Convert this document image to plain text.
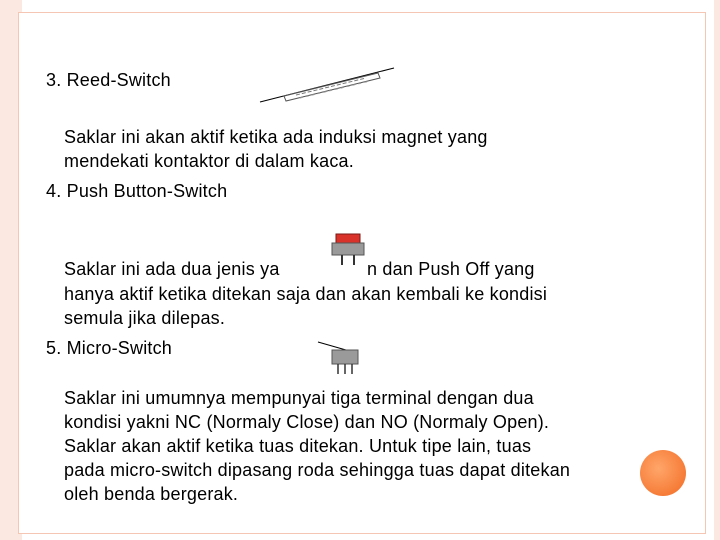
3. Reed-Switch
Saklar ini akan aktif ketika ada induksi magnet yang
mendekati kontaktor di dalam kaca.
4. Push Button-Switch
Saklar ini ada dua jenis ya	n dan Push Off yang
hanya aktif ketika ditekan saja dan akan kembali ke kondisi
semula jika dilepas.
5. Micro-Switch
Saklar ini umumnya mempunyai tiga terminal dengan dua
kondisi yakni NC (Normaly Close) dan NO (Normaly Open).
Saklar akan aktif ketika tuas ditekan. Untuk tipe lain, tuas
pada micro-switch dipasang roda sehingga tuas dapat ditekan
oleh benda bergerak.
